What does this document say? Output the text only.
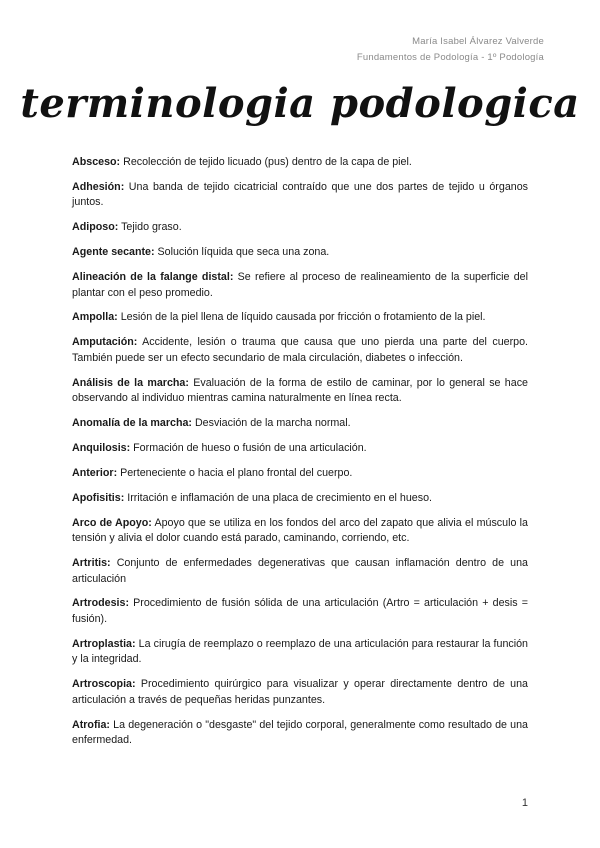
María Isabel Álvarez Valverde
Fundamentos de Podología - 1º Podología
terminologia podologica

Absceso: Recolección de tejido licuado (pus) dentro de la capa de piel.

Adhesión: Una banda de tejido cicatricial contraído que une dos partes de tejido u órganos juntos.

Adiposo: Tejido graso.

Agente secante: Solución líquida que seca una zona.

Alineación de la falange distal: Se refiere al proceso de realineamiento de la superficie del plantar con el peso promedio.

Ampolla: Lesión de la piel llena de líquido causada por fricción o frotamiento de la piel.

Amputación: Accidente, lesión o trauma que causa que uno pierda una parte del cuerpo. También puede ser un efecto secundario de mala circulación, diabetes o infección.

Análisis de la marcha: Evaluación de la forma de estilo de caminar, por lo general se hace observando al individuo mientras camina naturalmente en línea recta.

Anomalía de la marcha: Desviación de la marcha normal.

Anquilosis: Formación de hueso o fusión de una articulación.

Anterior: Perteneciente o hacia el plano frontal del cuerpo.

Apofisitis: Irritación e inflamación de una placa de crecimiento en el hueso.

Arco de Apoyo: Apoyo que se utiliza en los fondos del arco del zapato que alivia el músculo la tensión y alivia el dolor cuando está parado, caminando, corriendo, etc.

Artritis: Conjunto de enfermedades degenerativas que causan inflamación dentro de una articulación

Artrodesis: Procedimiento de fusión sólida de una articulación (Artro = articulación + desis = fusión).

Artroplastia: La cirugía de reemplazo o reemplazo de una articulación para restaurar la función y la integridad.

Artroscopia: Procedimiento quirúrgico para visualizar y operar directamente dentro de una articulación a través de pequeñas heridas punzantes.

Atrofia: La degeneración o "desgaste" del tejido corporal, generalmente como resultado de una enfermedad.

1
